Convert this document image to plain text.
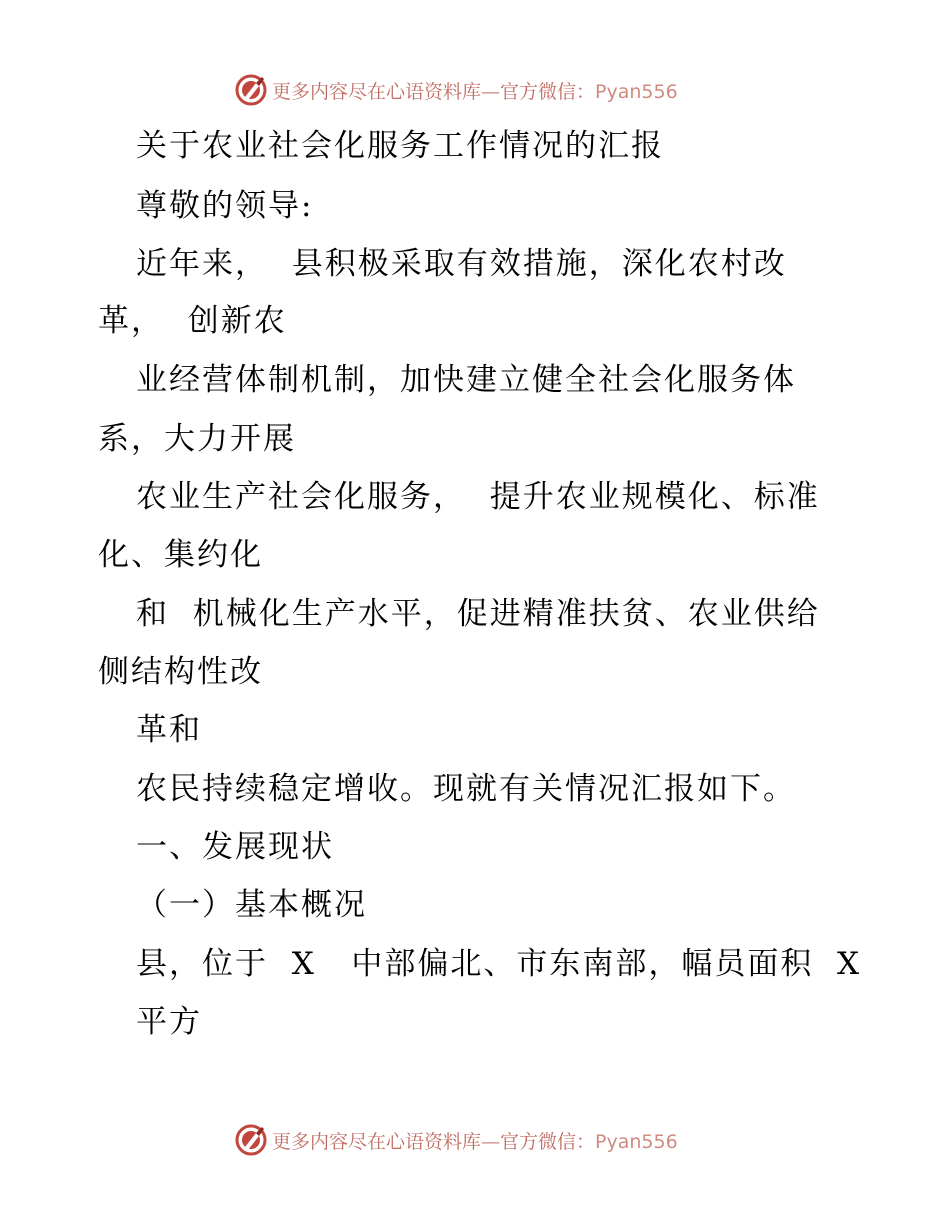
更多内容尽在心语资料库—官方微信：Pyan556
关于农业社会化服务工作情况的汇报
尊敬的领导:
近年来，  县积极采取有效措施，深化农村改
革，  创新农
业经营体制机制，加快建立健全社会化服务体
系，大力开展
农业生产社会化服务，  提升农业规模化、标准
化、集约化
和  机械化生产水平，促进精准扶贫、农业供给
侧结构性改
革和
农民持续稳定增收。现就有关情况汇报如下。
一、发展现状
（一）基本概况
县，位于  X   中部偏北、市东南部，幅员面积  X
平方
更多内容尽在心语资料库—官方微信：Pyan556
